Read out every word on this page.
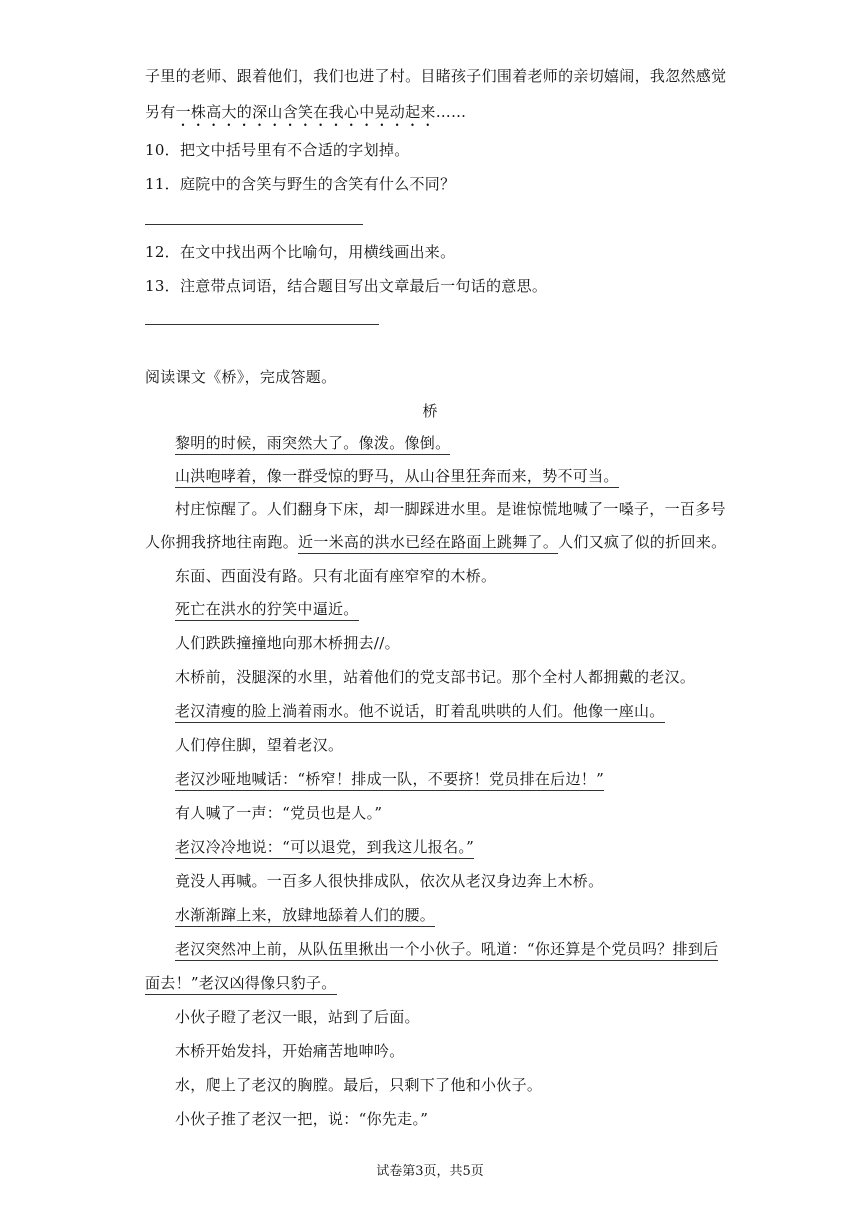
子里的老师、跟着他们，我们也进了村。目睹孩子们围着老师的亲切嬉闹，我忽然感觉
另有一株高大的深山含笑在我心中晃动起来……
10．把文中括号里有不合适的字划掉。
11．庭院中的含笑与野生的含笑有什么不同？
12．在文中找出两个比喻句，用横线画出来。
13．注意带点词语，结合题目写出文章最后一句话的意思。
阅读课文《桥》，完成答题。
桥
黎明的时候，雨突然大了。像泼。像倒。
山洪咆哮着，像一群受惊的野马，从山谷里狂奔而来，势不可当。
村庄惊醒了。人们翻身下床，却一脚踩进水里。是谁惊慌地喊了一嗓子，一百多号
人你拥我挤地往南跑。近一米高的洪水已经在路面上跳舞了。人们又疯了似的折回来。
东面、西面没有路。只有北面有座窄窄的木桥。
死亡在洪水的狞笑中逼近。
人们跌跌撞撞地向那木桥拥去//。
木桥前，没腿深的水里，站着他们的党支部书记。那个全村人都拥戴的老汉。
老汉清瘦的脸上淌着雨水。他不说话，盯着乱哄哄的人们。他像一座山。
人们停住脚，望着老汉。
老汉沙哑地喊话：“桥窄！排成一队，不要挤！党员排在后边！”
有人喊了一声：“党员也是人。”
老汉冷冷地说：“可以退党，到我这儿报名。”
竟没人再喊。一百多人很快排成队，依次从老汉身边奔上木桥。
水渐渐蹿上来，放肆地舔着人们的腰。
老汉突然冲上前，从队伍里揪出一个小伙子。吼道：“你还算是个党员吗？排到后
面去！”老汉凶得像只豹子。
小伙子瞪了老汉一眼，站到了后面。
木桥开始发抖，开始痛苦地呻吟。
水，爬上了老汉的胸膛。最后，只剩下了他和小伙子。
小伙子推了老汉一把，说：“你先走。”
试卷第3页，共5页
